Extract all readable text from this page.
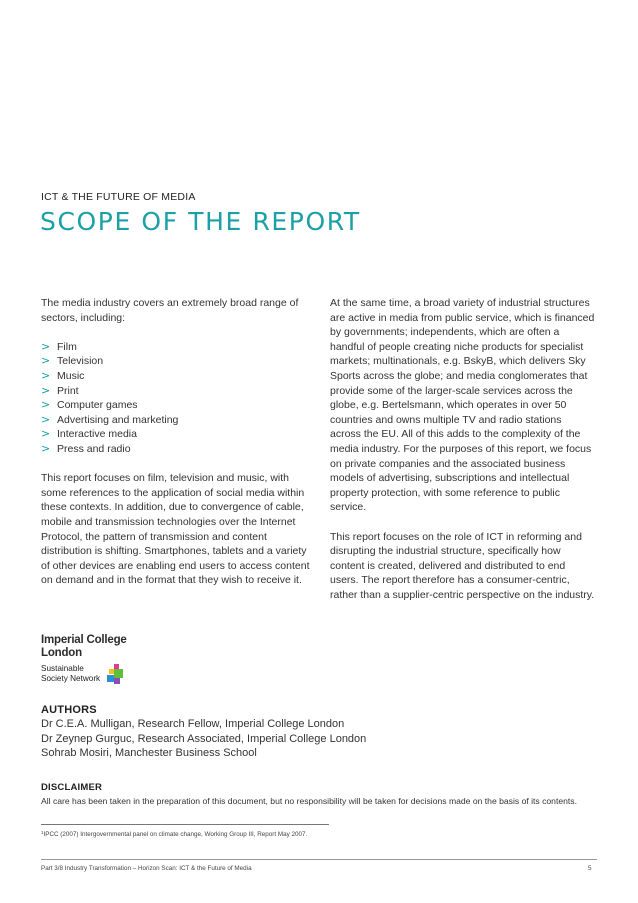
ICT & THE FUTURE OF MEDIA
SCOPE OF THE REPORT

The media industry covers an extremely broad range of sectors, including:

> Film
> Television
> Music
> Print
> Computer games
> Advertising and marketing
> Interactive media
> Press and radio

This report focuses on film, television and music, with some references to the application of social media within these contexts. In addition, due to convergence of cable, mobile and transmission technologies over the Internet Protocol, the pattern of transmission and content distribution is shifting. Smartphones, tablets and a variety of other devices are enabling end users to access content on demand and in the format that they wish to receive it.

At the same time, a broad variety of industrial structures are active in media from public service, which is financed by governments; independents, which are often a handful of people creating niche products for specialist markets; multinationals, e.g. BskyB, which delivers Sky Sports across the globe; and media conglomerates that provide some of the larger-scale services across the globe, e.g. Bertelsmann, which operates in over 50 countries and owns multiple TV and radio stations across the EU. All of this adds to the complexity of the media industry. For the purposes of this report, we focus on private companies and the associated business models of advertising, subscriptions and intellectual property protection, with some reference to public service.

This report focuses on the role of ICT in reforming and disrupting the industrial structure, specifically how content is created, delivered and distributed to end users. The report therefore has a consumer-centric, rather than a supplier-centric perspective on the industry.

Imperial College
London
Sustainable
Society Network
AUTHORS
Dr C.E.A. Mulligan, Research Fellow, Imperial College London
Dr Zeynep Gurguc, Research Associated, Imperial College London
Sohrab Mosiri, Manchester Business School
DISCLAIMER
All care has been taken in the preparation of this document, but no responsibility will be taken for decisions made on the basis of its contents.
$^1$IPCC (2007) Intergovernmental panel on climate change, Working Group III, Report May 2007.
Part 3/8 Industry Transformation – Horizon Scan: ICT & the Future of Media	5
